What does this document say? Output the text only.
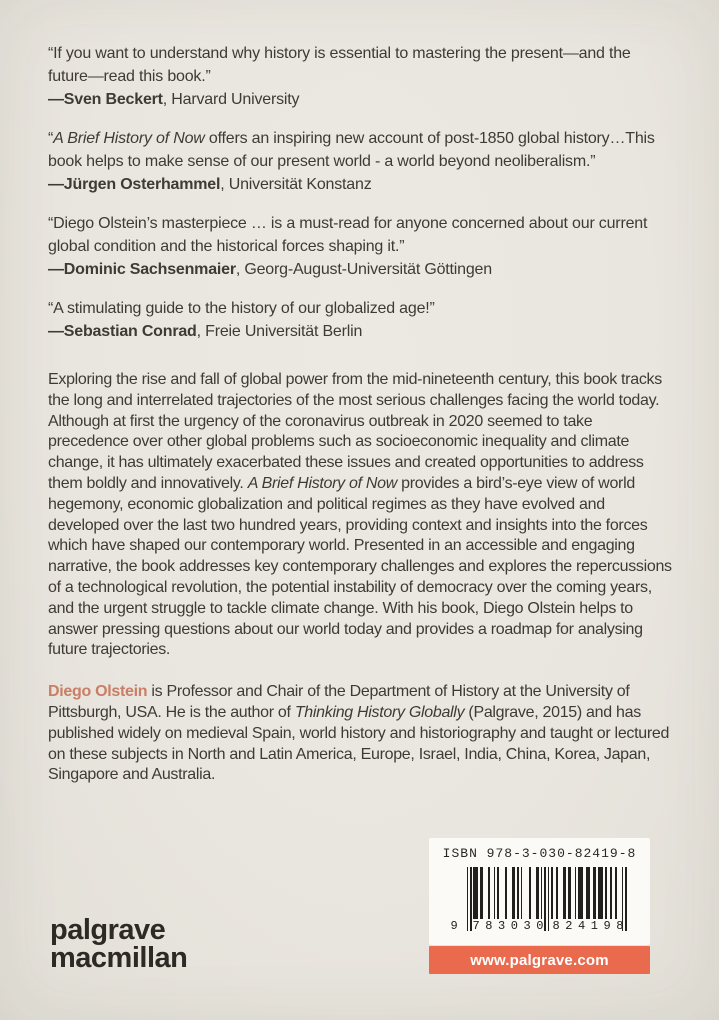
“If you want to understand why history is essential to mastering the present—and the future—read this book.”

—Sven Beckert, Harvard University

“A Brief History of Now offers an inspiring new account of post-1850 global history…This book helps to make sense of our present world - a world beyond neoliberalism.”

—Jürgen Osterhammel, Universität Konstanz

“Diego Olstein’s masterpiece … is a must-read for anyone concerned about our current global condition and the historical forces shaping it.”

—Dominic Sachsenmaier, Georg-August-Universität Göttingen

“A stimulating guide to the history of our globalized age!”

—Sebastian Conrad, Freie Universität Berlin

Exploring the rise and fall of global power from the mid-nineteenth century, this book tracks the long and interrelated trajectories of the most serious challenges facing the world today. Although at first the urgency of the coronavirus outbreak in 2020 seemed to take precedence over other global problems such as socioeconomic inequality and climate change, it has ultimately exacerbated these issues and created opportunities to address them boldly and innovatively. A Brief History of Now provides a bird’s-eye view of world hegemony, economic globalization and political regimes as they have evolved and developed over the last two hundred years, providing context and insights into the forces which have shaped our contemporary world. Presented in an accessible and engaging narrative, the book addresses key contemporary challenges and explores the repercussions of a technological revolution, the potential instability of democracy over the coming years, and the urgent struggle to tackle climate change. With his book, Diego Olstein helps to answer pressing questions about our world today and provides a roadmap for analysing future trajectories.

Diego Olstein is Professor and Chair of the Department of History at the University of Pittsburgh, USA. He is the author of Thinking History Globally (Palgrave, 2015) and has published widely on medieval Spain, world history and historiography and taught or lectured on these subjects in North and Latin America, Europe, Israel, India, China, Korea, Japan, Singapore and Australia.

palgrave
macmillan
ISBN 978-3-030-82419-8
9 7 8 3 0 3 0 8 2 4 1 9 8
www.palgrave.com
